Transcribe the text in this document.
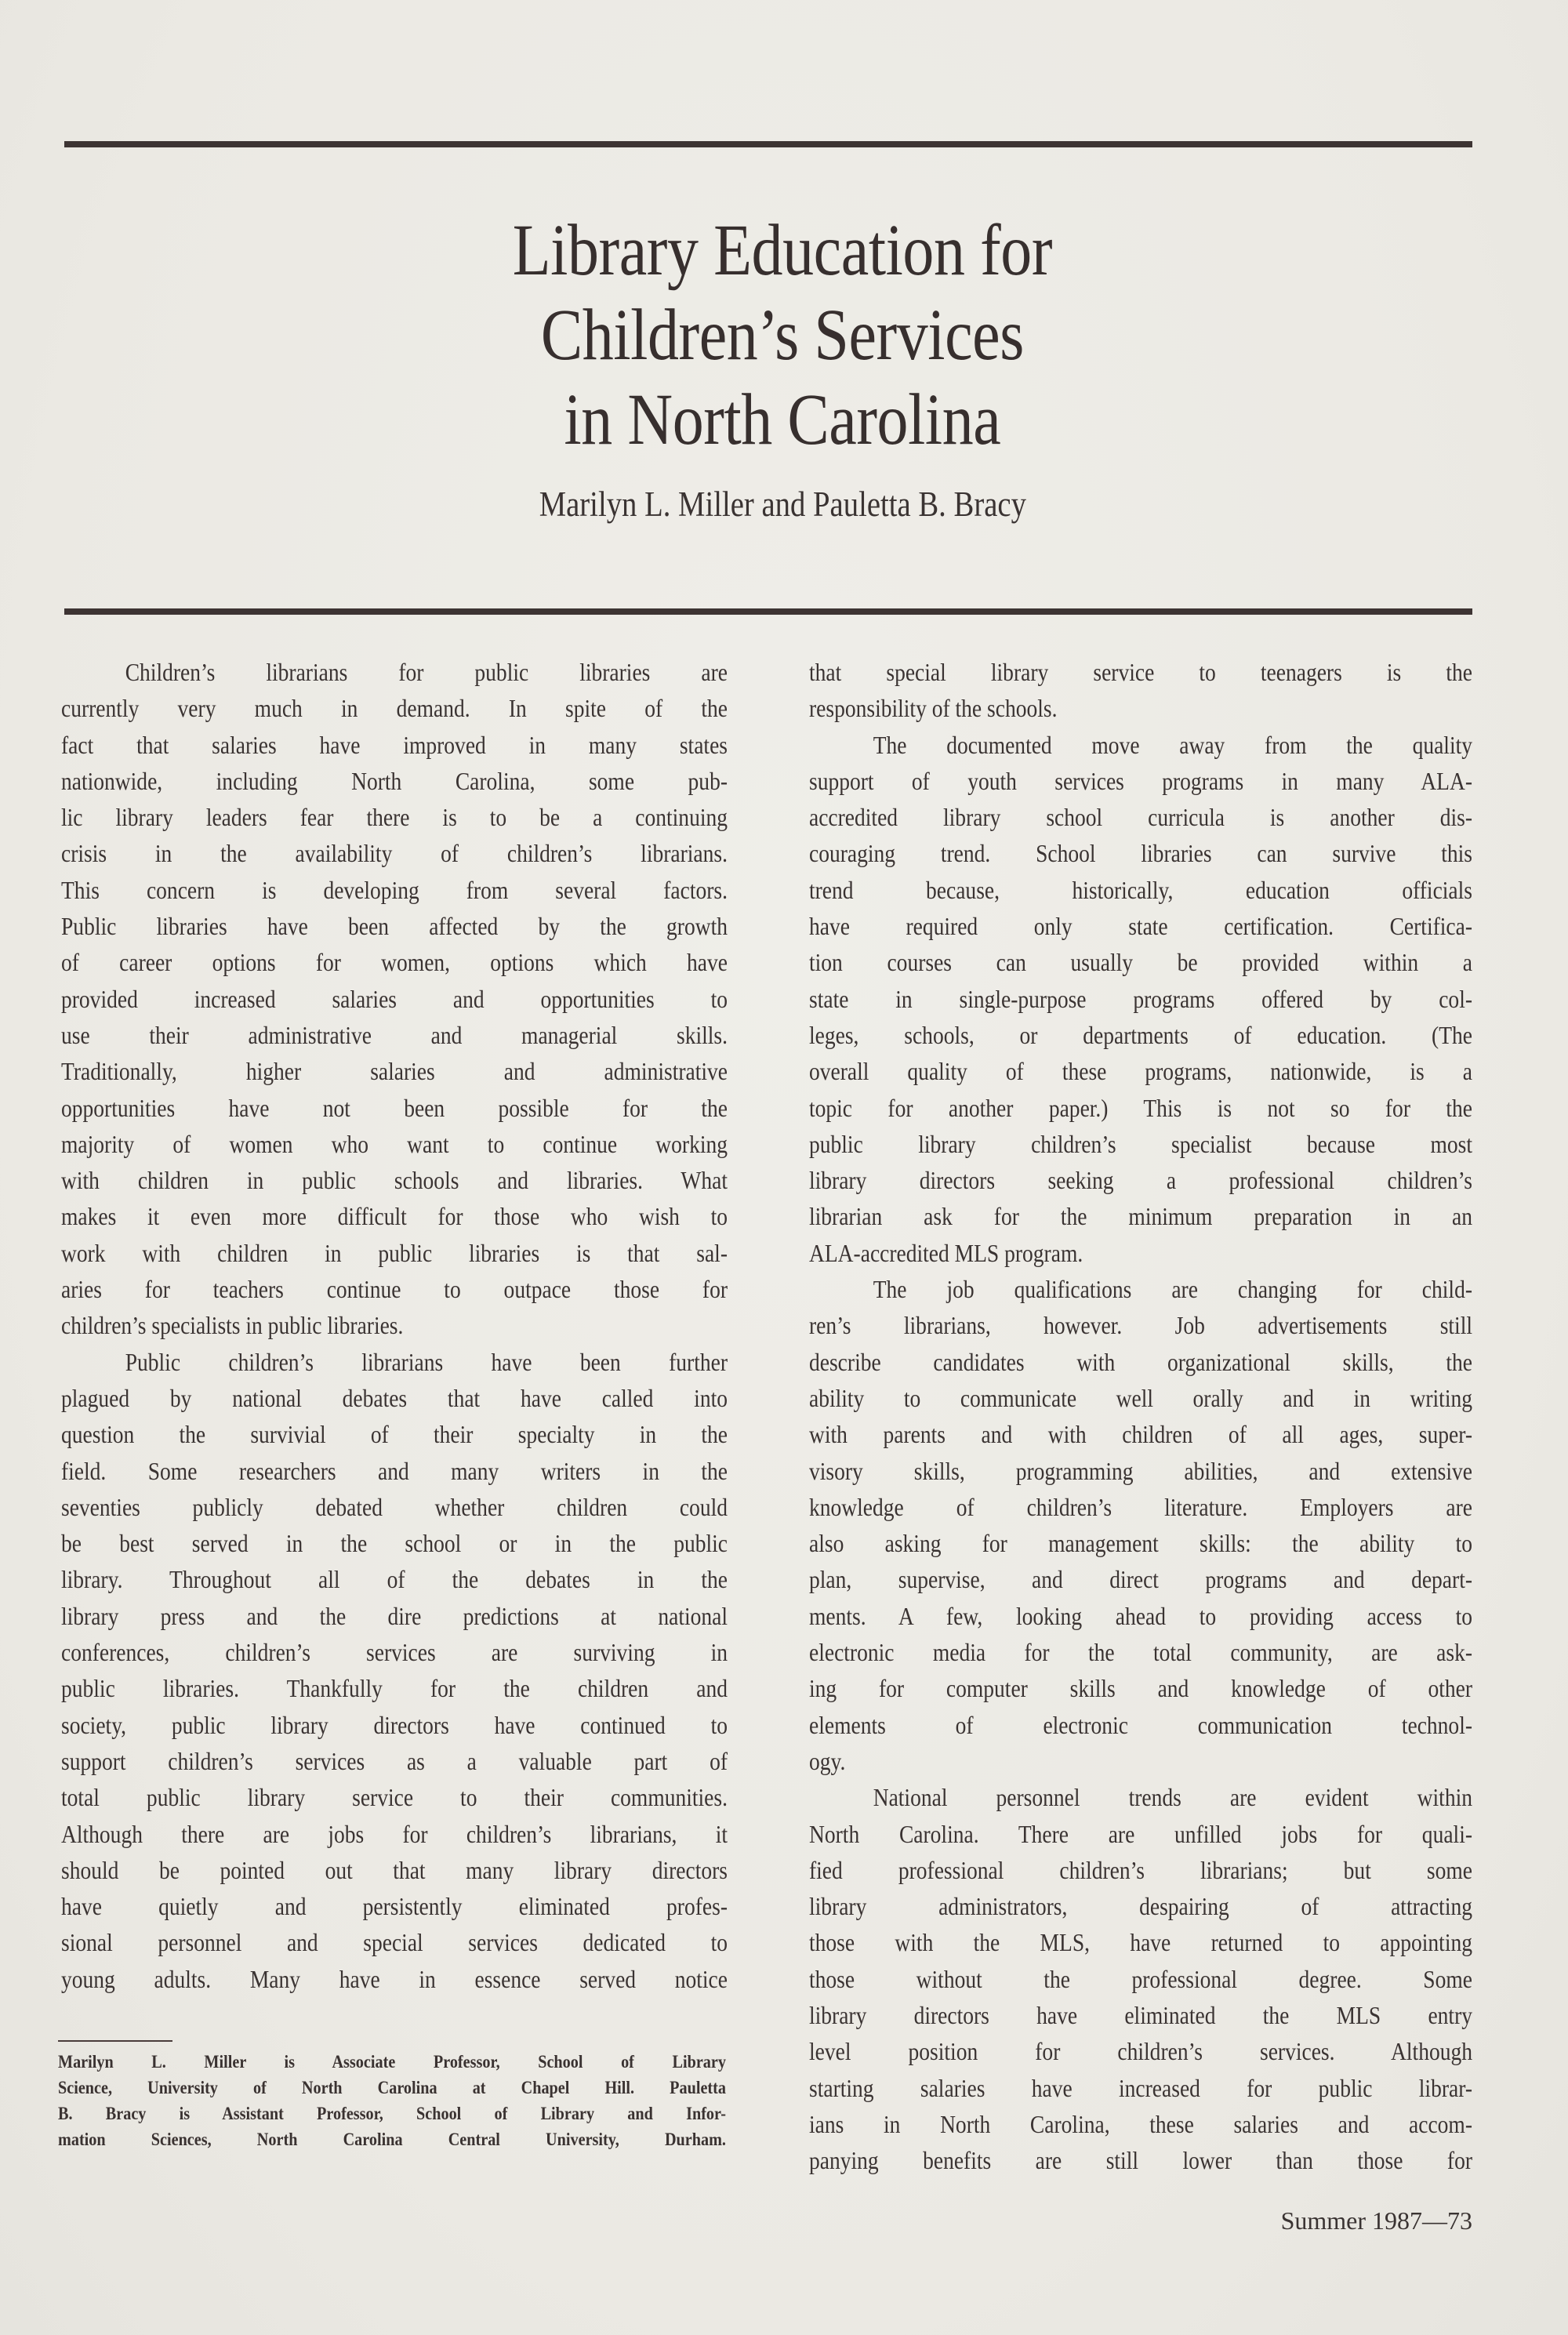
Library Education for
Children’s Services
in North Carolina
Marilyn L. Miller and Pauletta B. Bracy
Children’s librarians for public libraries are
currently very much in demand. In spite of the
fact that salaries have improved in many states
nationwide, including North Carolina, some pub-
lic library leaders fear there is to be a continuing
crisis in the availability of children’s librarians.
This concern is developing from several factors.
Public libraries have been affected by the growth
of career options for women, options which have
provided increased salaries and opportunities to
use their administrative and managerial skills.
Traditionally, higher salaries and administrative
opportunities have not been possible for the
majority of women who want to continue working
with children in public schools and libraries. What
makes it even more difficult for those who wish to
work with children in public libraries is that sal-
aries for teachers continue to outpace those for
children’s specialists in public libraries.
Public children’s librarians have been further
plagued by national debates that have called into
question the survivial of their specialty in the
field. Some researchers and many writers in the
seventies publicly debated whether children could
be best served in the school or in the public
library. Throughout all of the debates in the
library press and the dire predictions at national
conferences, children’s services are surviving in
public libraries. Thankfully for the children and
society, public library directors have continued to
support children’s services as a valuable part of
total public library service to their communities.
Although there are jobs for children’s librarians, it
should be pointed out that many library directors
have quietly and persistently eliminated profes-
sional personnel and special services dedicated to
young adults. Many have in essence served notice
that special library service to teenagers is the
responsibility of the schools.
The documented move away from the quality
support of youth services programs in many ALA-
accredited library school curricula is another dis-
couraging trend. School libraries can survive this
trend because, historically, education officials
have required only state certification. Certifica-
tion courses can usually be provided within a
state in single-purpose programs offered by col-
leges, schools, or departments of education. (The
overall quality of these programs, nationwide, is a
topic for another paper.) This is not so for the
public library children’s specialist because most
library directors seeking a professional children’s
librarian ask for the minimum preparation in an
ALA-accredited MLS program.
The job qualifications are changing for child-
ren’s librarians, however. Job advertisements still
describe candidates with organizational skills, the
ability to communicate well orally and in writing
with parents and with children of all ages, super-
visory skills, programming abilities, and extensive
knowledge of children’s literature. Employers are
also asking for management skills: the ability to
plan, supervise, and direct programs and depart-
ments. A few, looking ahead to providing access to
electronic media for the total community, are ask-
ing for computer skills and knowledge of other
elements of electronic communication technol-
ogy.
National personnel trends are evident within
North Carolina. There are unfilled jobs for quali-
fied professional children’s librarians; but some
library administrators, despairing of attracting
those with the MLS, have returned to appointing
those without the professional degree. Some
library directors have eliminated the MLS entry
level position for children’s services. Although
starting salaries have increased for public librar-
ians in North Carolina, these salaries and accom-
panying benefits are still lower than those for
Marilyn L. Miller is Associate Professor, School of Library
Science, University of North Carolina at Chapel Hill. Pauletta
B. Bracy is Assistant Professor, School of Library and Infor-
mation Sciences, North Carolina Central University, Durham.
Summer 1987—73
